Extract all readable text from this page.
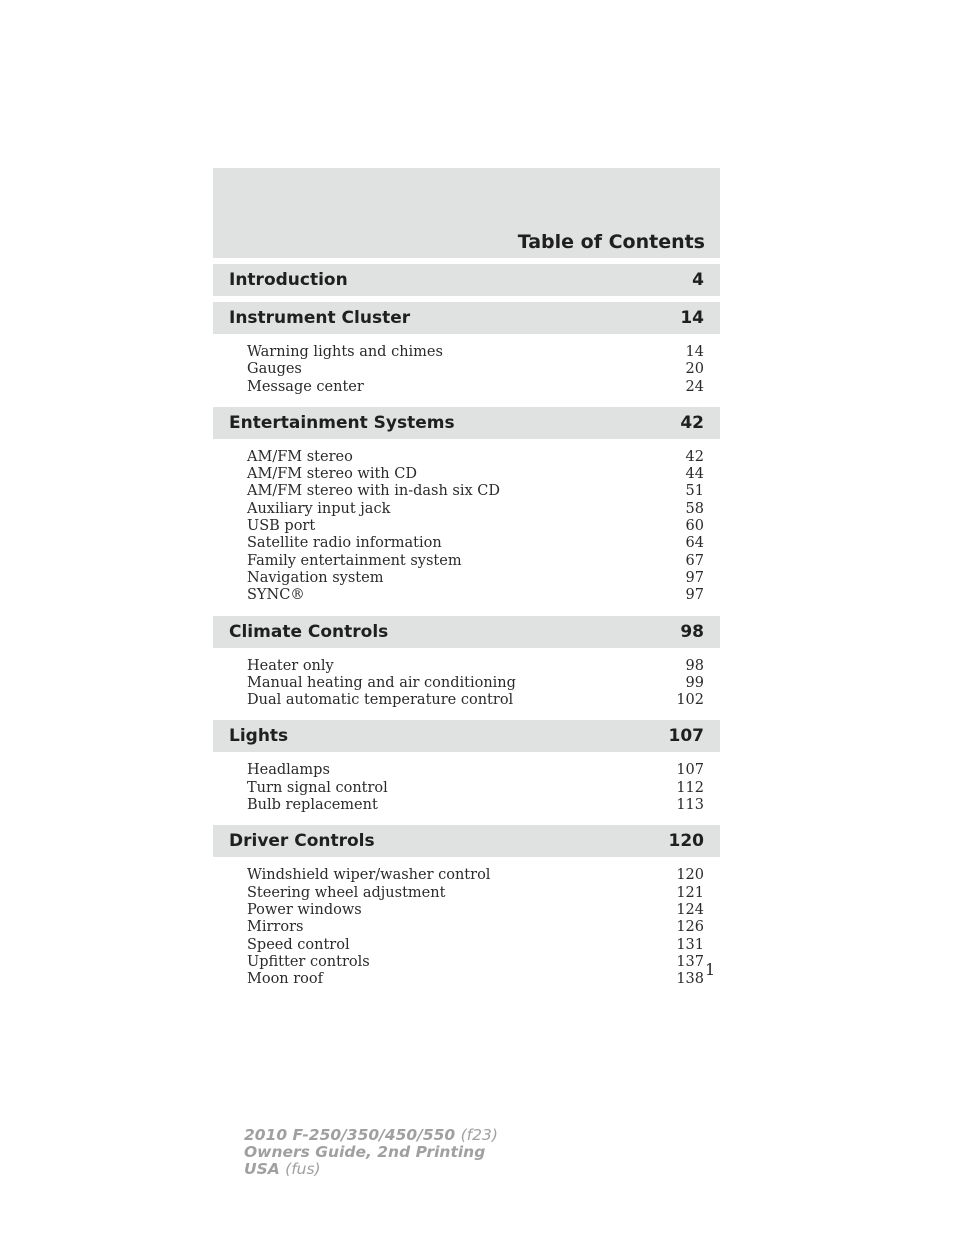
Table of Contents
Introduction	4
Instrument Cluster	14
Warning lights and chimes	14
Gauges	20
Message center	24
Entertainment Systems	42
AM/FM stereo	42
AM/FM stereo with CD	44
AM/FM stereo with in-dash six CD	51
Auxiliary input jack	58
USB port	60
Satellite radio information	64
Family entertainment system	67
Navigation system	97
SYNC®	97
Climate Controls	98
Heater only	98
Manual heating and air conditioning	99
Dual automatic temperature control	102
Lights	107
Headlamps	107
Turn signal control	112
Bulb replacement	113
Driver Controls	120
Windshield wiper/washer control	120
Steering wheel adjustment	121
Power windows	124
Mirrors	126
Speed control	131
Upfitter controls	137
Moon roof	138
1
2010 F-250/350/450/550 (f23)
Owners Guide, 2nd Printing
USA (fus)
